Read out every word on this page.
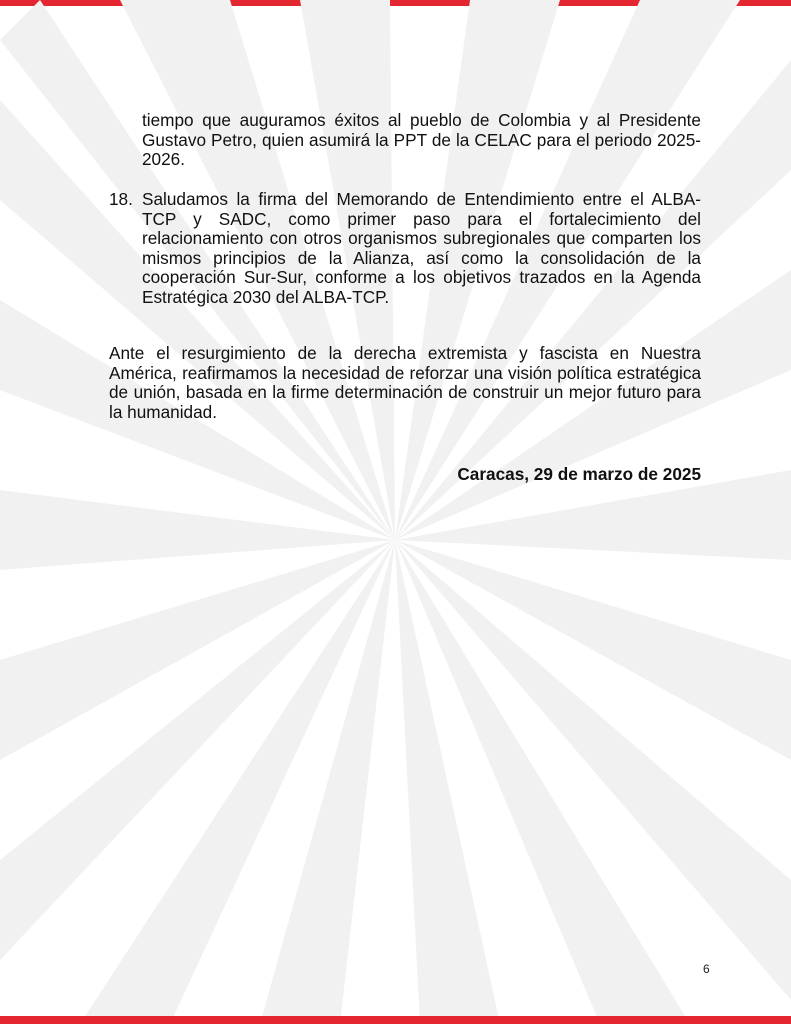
tiempo que auguramos éxitos al pueblo de Colombia y al Presidente Gustavo Petro, quien asumirá la PPT de la CELAC para el periodo 2025-2026.

18. Saludamos la firma del Memorando de Entendimiento entre el ALBA-TCP y SADC, como primer paso para el fortalecimiento del relacionamiento con otros organismos subregionales que comparten los mismos principios de la Alianza, así como la consolidación de la cooperación Sur-Sur, conforme a los objetivos trazados en la Agenda Estratégica 2030 del ALBA-TCP.

Ante el resurgimiento de la derecha extremista y fascista en Nuestra América, reafirmamos la necesidad de reforzar una visión política estratégica de unión, basada en la firme determinación de construir un mejor futuro para la humanidad.

Caracas, 29 de marzo de 2025

6
